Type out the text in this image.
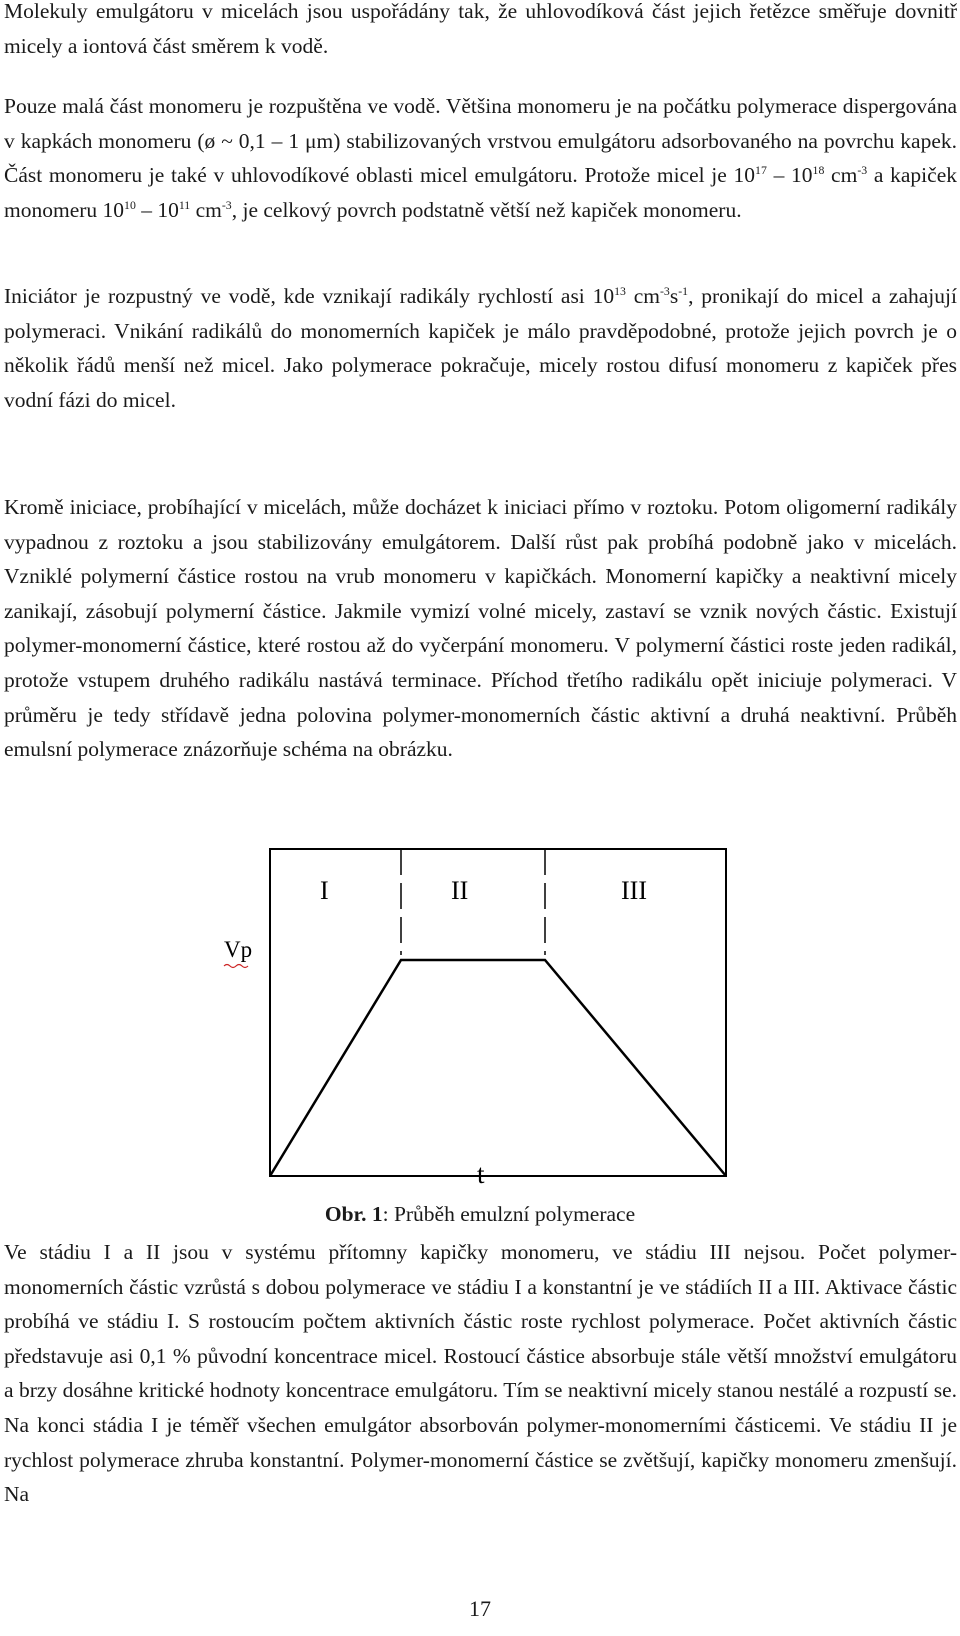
Molekuly emulgátoru v micelách jsou uspořádány tak, že uhlovodíková část jejich řetězce směřuje dovnitř micely a iontová část směrem k vodě.

Pouze malá část monomeru je rozpuštěna ve vodě. Většina monomeru je na počátku polymerace dispergována v kapkách monomeru (ø ~ 0,1 – 1 μm) stabilizovaných vrstvou emulgátoru adsorbovaného na povrchu kapek. Část monomeru je také v uhlovodíkové oblasti micel emulgátoru. Protože micel je $10^{17} - 10^{18}$ $cm^{-3}$ a kapiček monomeru $10^{10} - 10^{11}$ $cm^{-3}$, je celkový povrch podstatně větší než kapiček monomeru.

Iniciátor je rozpustný ve vodě, kde vznikají radikály rychlostí asi $10^{13}$ $cm^{-3}s^{-1}$, pronikají do micel a zahajují polymeraci. Vnikání radikálů do monomerních kapiček je málo pravděpodobné, protože jejich povrch je o několik řádů menší než micel. Jako polymerace pokračuje, micely rostou difusí monomeru z kapiček přes vodní fázi do micel.

Kromě iniciace, probíhající v micelách, může docházet k iniciaci přímo v roztoku. Potom oligomerní radikály vypadnou z roztoku a jsou stabilizovány emulgátorem. Další růst pak probíhá podobně jako v micelách. Vzniklé polymerní částice rostou na vrub monomeru v kapičkách. Monomerní kapičky a neaktivní micely zanikají, zásobují polymerní částice. Jakmile vymizí volné micely, zastaví se vznik nových částic. Existují polymer-monomerní částice, které rostou až do vyčerpání monomeru. V polymerní částici roste jeden radikál, protože vstupem druhého radikálu nastává terminace. Příchod třetího radikálu opět iniciuje polymeraci. V průměru je tedy střídavě jedna polovina polymer-monomerních částic aktivní a druhá neaktivní. Průběh emulsní polymerace znázorňuje schéma na obrázku.

I	II	III
Vp
t
Obr. 1: Průběh emulzní polymerace

Ve stádiu I a II jsou v systému přítomny kapičky monomeru, ve stádiu III nejsou. Počet polymer-monomerních částic vzrůstá s dobou polymerace ve stádiu I a konstantní je ve stádiích II a III. Aktivace částic probíhá ve stádiu I. S rostoucím počtem aktivních částic roste rychlost polymerace. Počet aktivních částic představuje asi 0,1 % původní koncentrace micel. Rostoucí částice absorbuje stále větší množství emulgátoru a brzy dosáhne kritické hodnoty koncentrace emulgátoru. Tím se neaktivní micely stanou nestálé a rozpustí se. Na konci stádia I je téměř všechen emulgátor absorbován polymer-monomerními částicemi. Ve stádiu II je rychlost polymerace zhruba konstantní. Polymer-monomerní částice se zvětšují, kapičky monomeru zmenšují. Na

17
